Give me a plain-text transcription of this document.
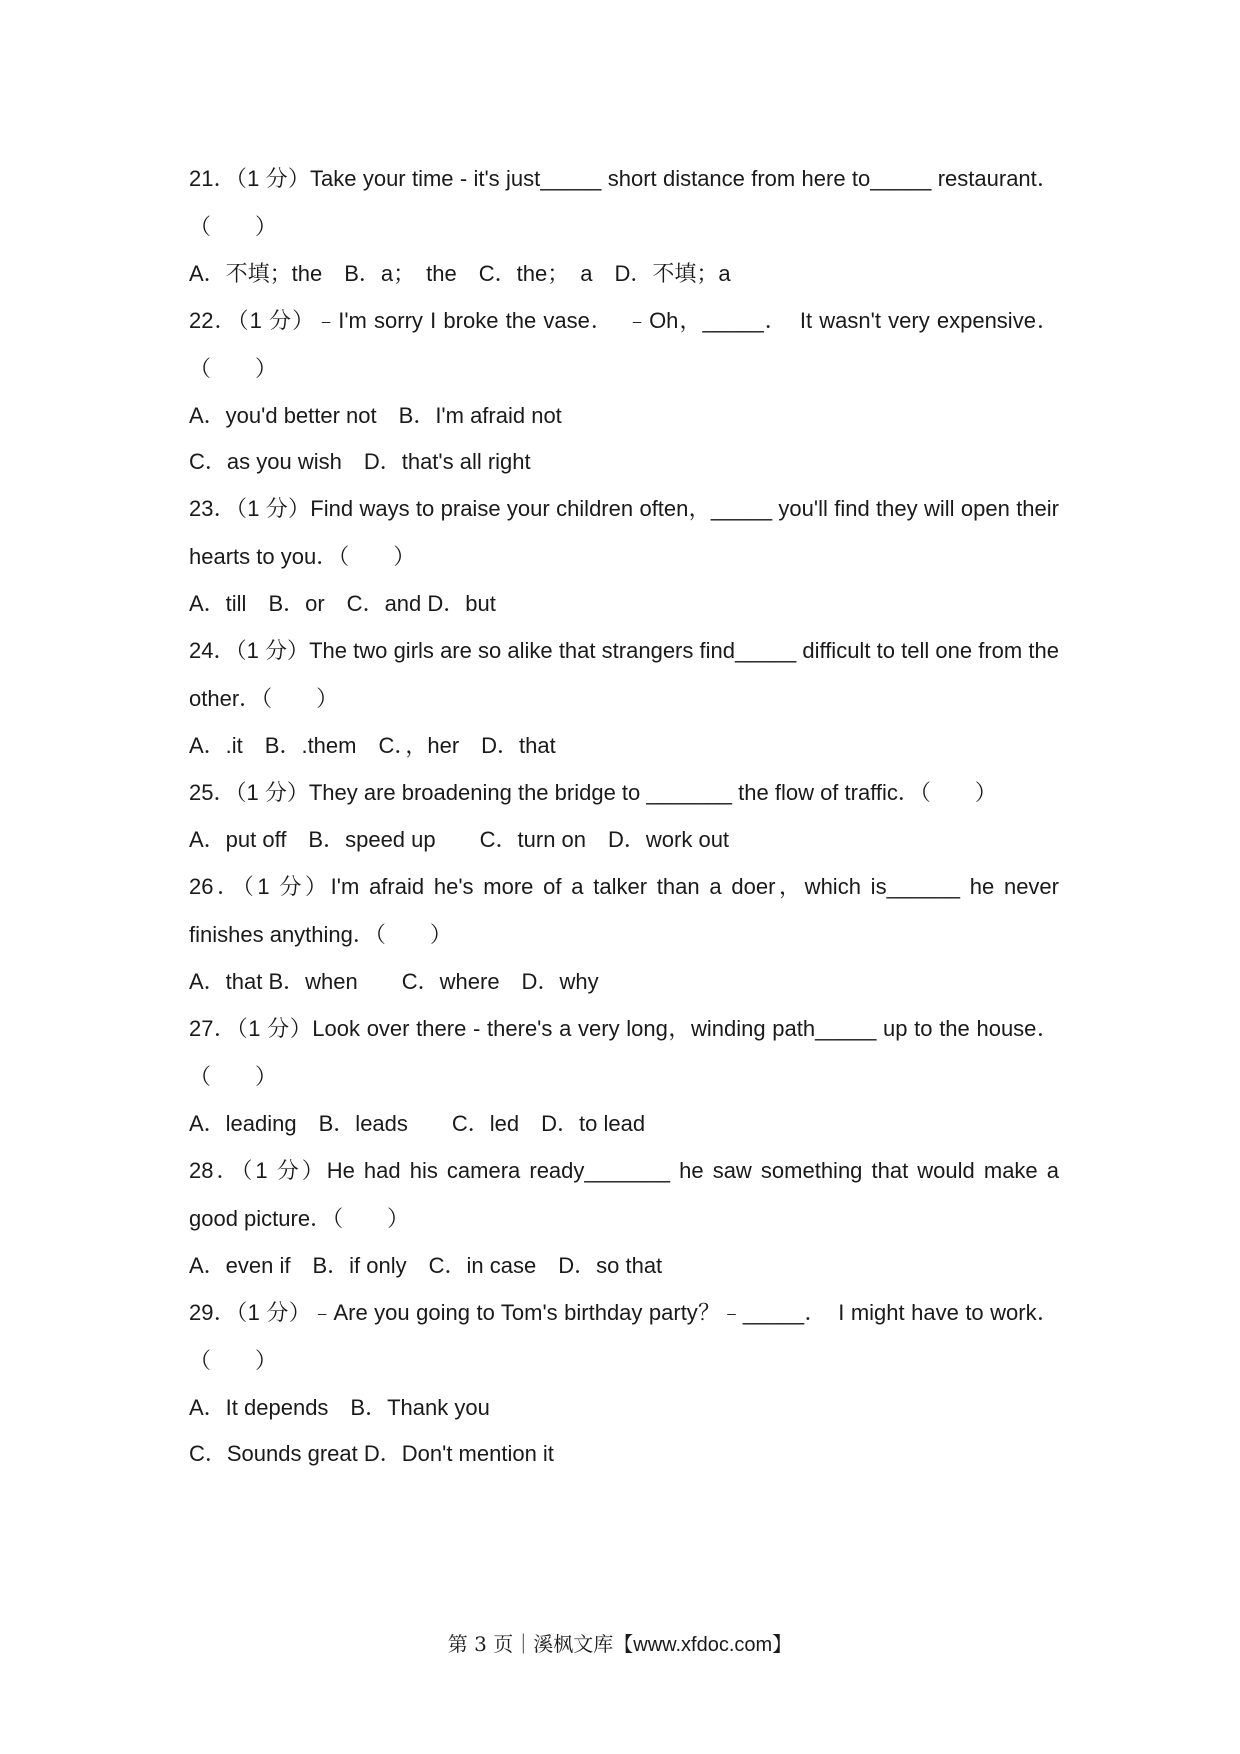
21．（1 分）Take your time - it's just_____ short distance from here to_____ restaurant．（　　）

A．不填；the　B．a；　the　C．the；　a　D．不填；a

22．（1 分）﹣I'm sorry I broke the vase．　﹣Oh，_____．　It wasn't very expensive．（　　）

A．you'd better not　B．I'm afraid not

C．as you wish　D．that's all right

23．（1 分）Find ways to praise your children often，_____ you'll find they will open their hearts to you．（　　）

A．till　B．or　C．and D．but

24．（1 分）The two girls are so alike that strangers find_____ difficult to tell one from the other．（　　）

A．.it　B．.them　C．，her　D．that

25．（1 分）They are broadening the bridge to _______ the flow of traffic．（　　）

A．put off　B．speed up　　C．turn on　D．work out

26．（1 分）I'm afraid he's more of a talker than a doer，which is______ he never finishes anything．（　　）

A．that B．when　　C．where　D．why

27．（1 分）Look over there - there's a very long，winding path_____ up to the house．（　　）

A．leading　B．leads　　C．led　D．to lead

28．（1 分）He had his camera ready_______ he saw something that would make a good picture．（　　）

A．even if　B．if only　C．in case　D．so that

29．（1 分）﹣Are you going to Tom's birthday party？﹣_____．　I might have to work．（　　）

A．It depends　B．Thank you

C．Sounds great D．Don't mention it

第 3 页｜溪枫文库【www.xfdoc.com】
